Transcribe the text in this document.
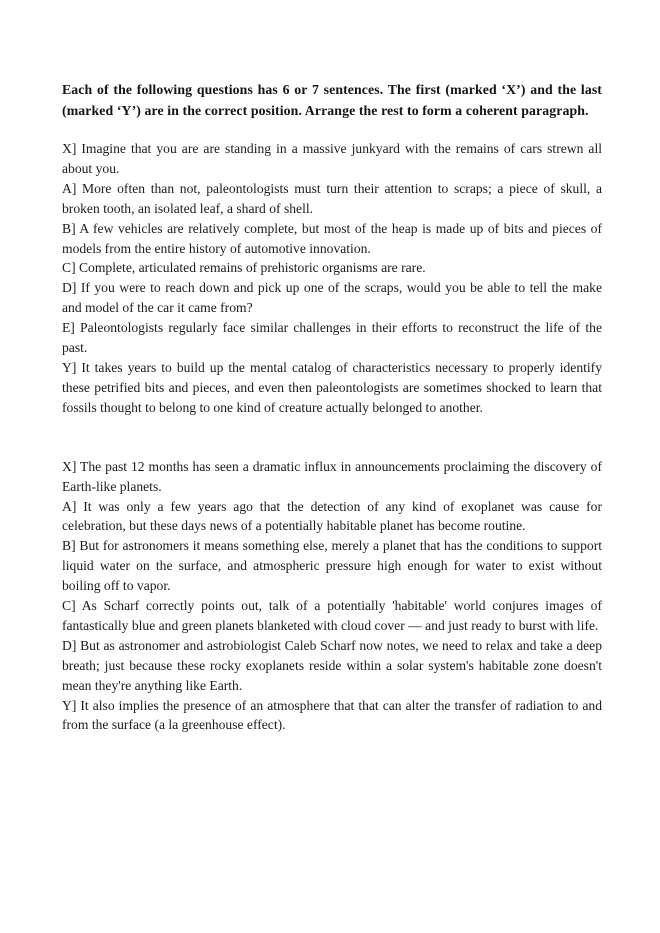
Each of the following questions has 6 or 7 sentences. The first (marked ‘X’) and the last (marked ‘Y’) are in the correct position. Arrange the rest to form a coherent paragraph.

X] Imagine that you are are standing in a massive junkyard with the remains of cars strewn all about you.

A] More often than not, paleontologists must turn their attention to scraps; a piece of skull, a broken tooth, an isolated leaf, a shard of shell.

B] A few vehicles are relatively complete, but most of the heap is made up of bits and pieces of models from the entire history of automotive innovation.

C] Complete, articulated remains of prehistoric organisms are rare.

D] If you were to reach down and pick up one of the scraps, would you be able to tell the make and model of the car it came from?

E] Paleontologists regularly face similar challenges in their efforts to reconstruct the life of the past.

Y] It takes years to build up the mental catalog of characteristics necessary to properly identify these petrified bits and pieces, and even then paleontologists are sometimes shocked to learn that fossils thought to belong to one kind of creature actually belonged to another.

X] The past 12 months has seen a dramatic influx in announcements proclaiming the discovery of Earth-like planets.

A] It was only a few years ago that the detection of any kind of exoplanet was cause for celebration, but these days news of a potentially habitable planet has become routine.

B] But for astronomers it means something else, merely a planet that has the conditions to support liquid water on the surface, and atmospheric pressure high enough for water to exist without boiling off to vapor.

C] As Scharf correctly points out, talk of a potentially 'habitable' world conjures images of fantastically blue and green planets blanketed with cloud cover — and just ready to burst with life.

D] But as astronomer and astrobiologist Caleb Scharf now notes, we need to relax and take a deep breath; just because these rocky exoplanets reside within a solar system's habitable zone doesn't mean they're anything like Earth.

Y] It also implies the presence of an atmosphere that that can alter the transfer of radiation to and from the surface (a la greenhouse effect).
